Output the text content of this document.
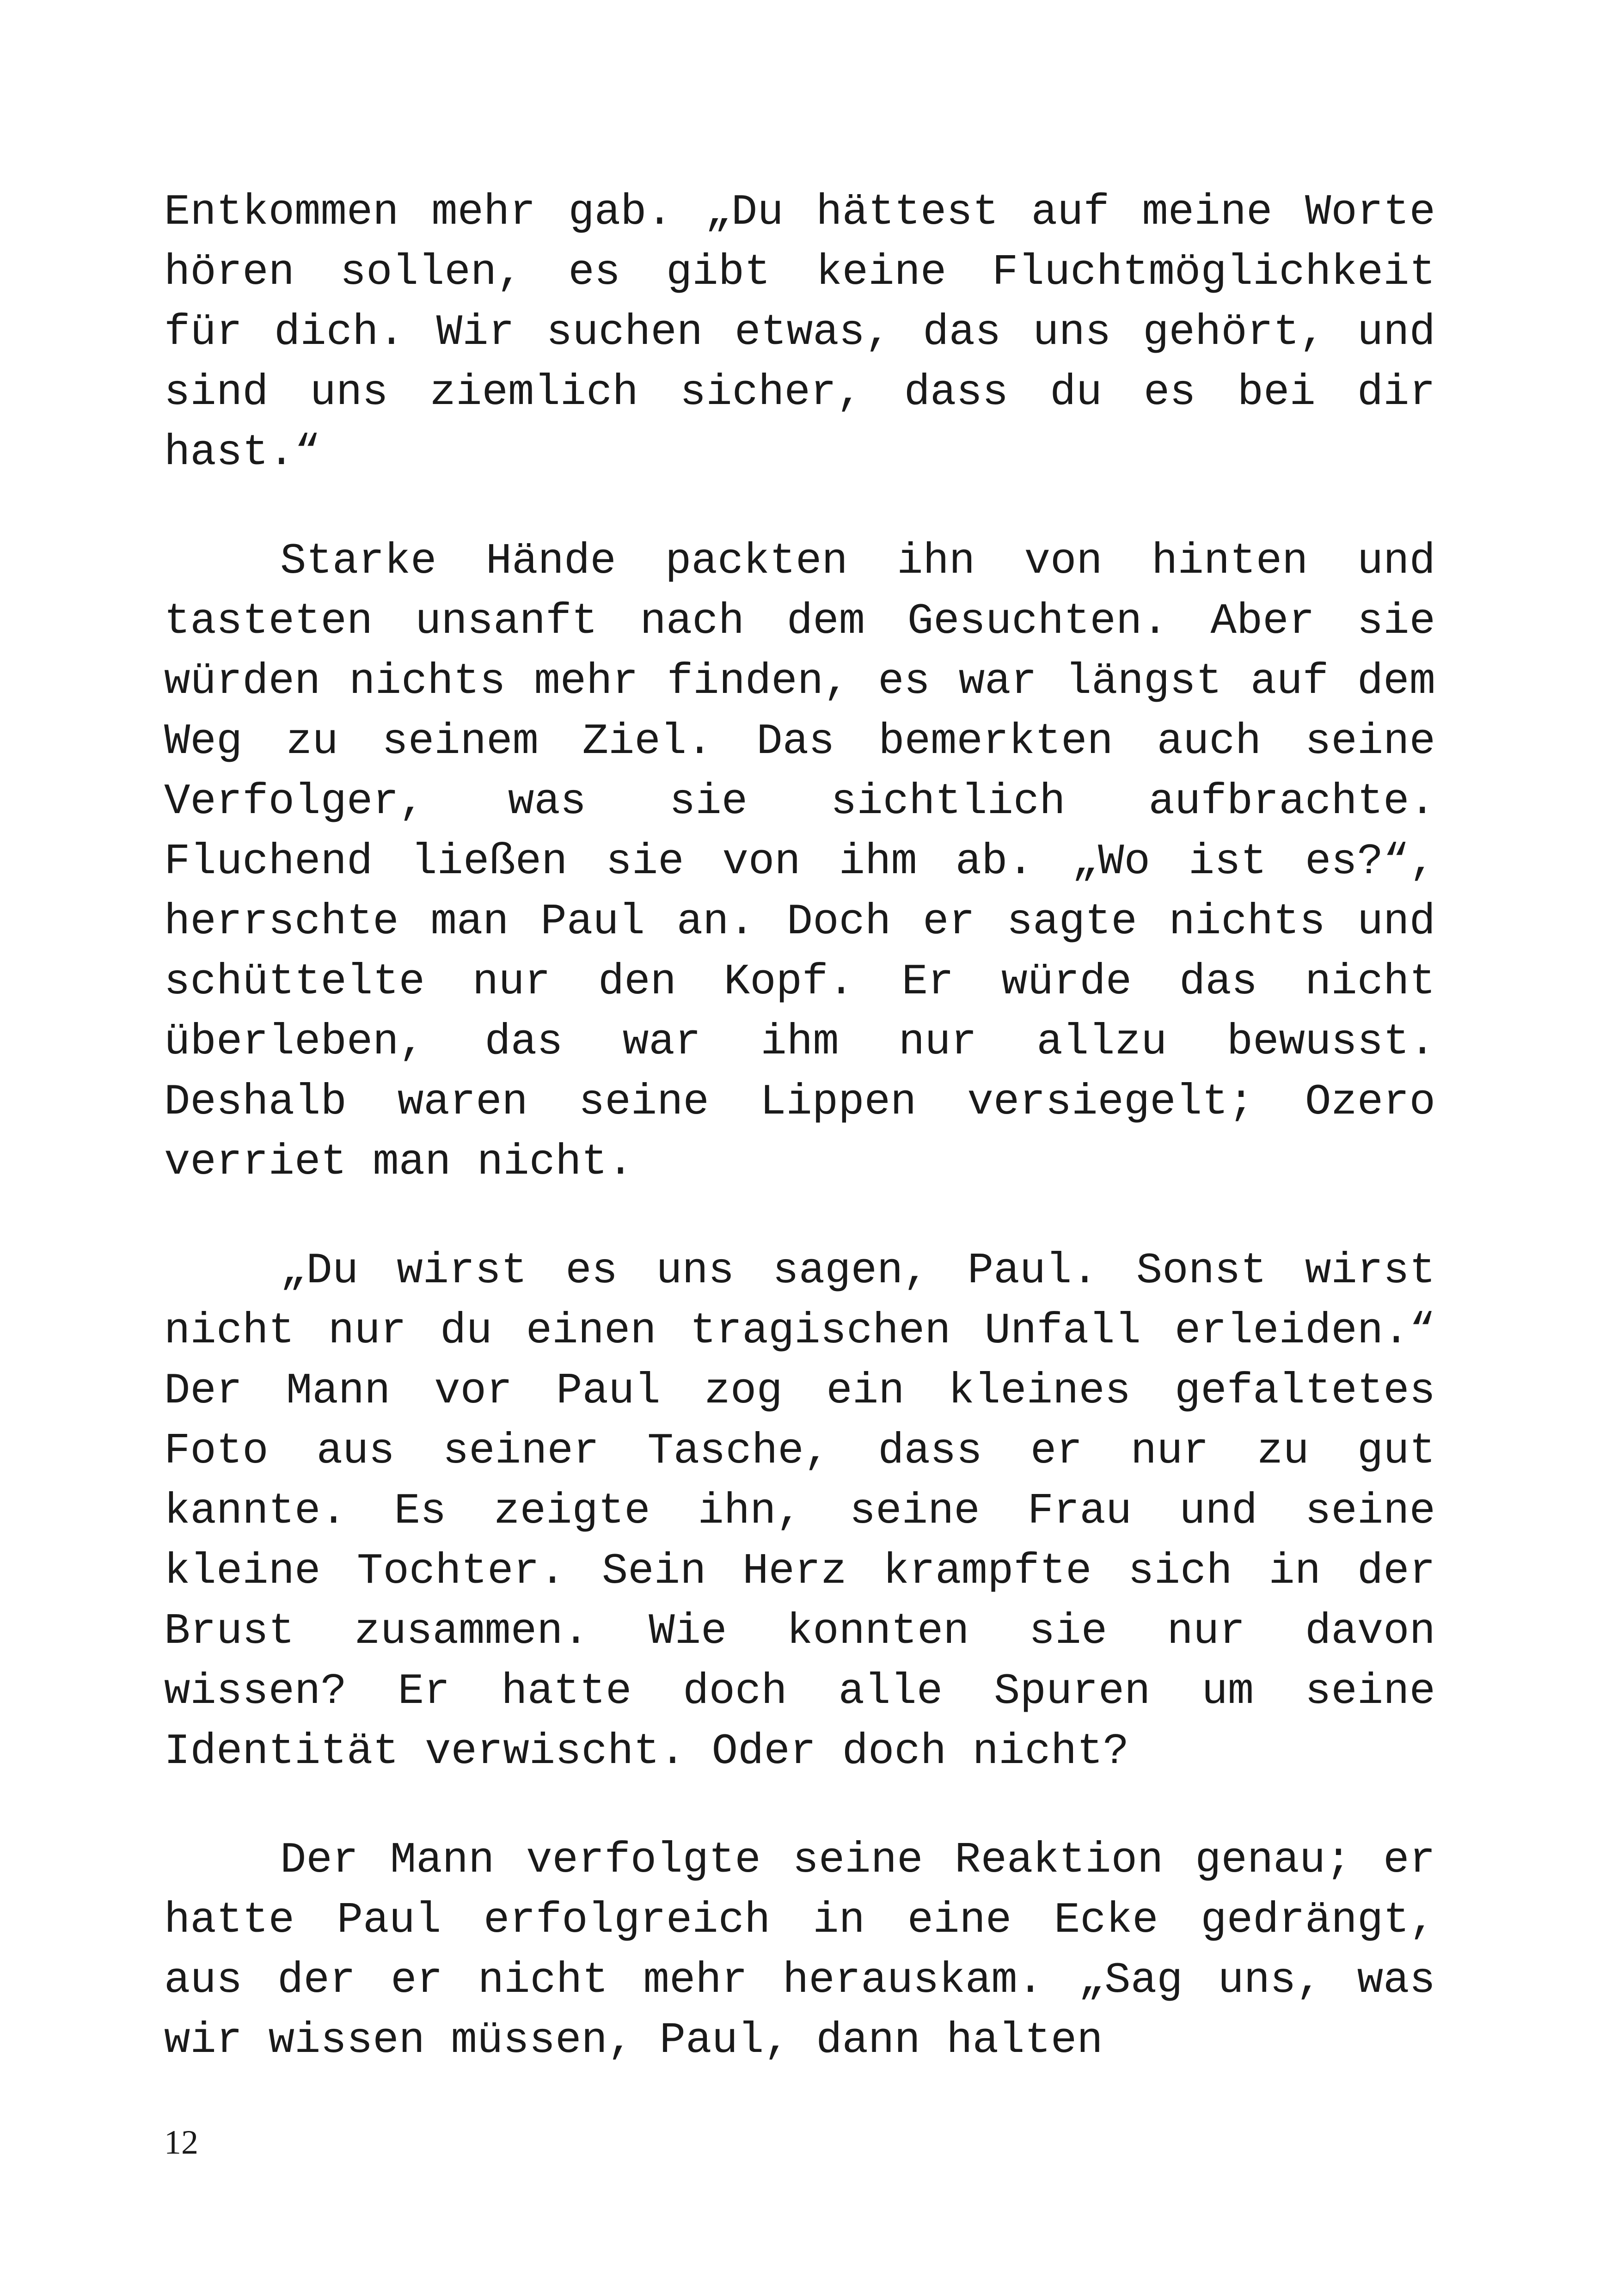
Entkommen mehr gab. „Du hättest auf meine Worte hören sollen, es gibt keine Fluchtmöglichkeit für dich. Wir suchen etwas, das uns gehört, und sind uns ziemlich sicher, dass du es bei dir hast.“

Starke Hände packten ihn von hinten und tasteten unsanft nach dem Gesuchten. Aber sie würden nichts mehr finden, es war längst auf dem Weg zu seinem Ziel. Das bemerkten auch seine Verfolger, was sie sichtlich aufbrachte. Fluchend ließen sie von ihm ab. „Wo ist es?“, herrschte man Paul an. Doch er sagte nichts und schüttelte nur den Kopf. Er würde das nicht überleben, das war ihm nur allzu bewusst. Deshalb waren seine Lippen versiegelt; Ozero verriet man nicht.

„Du wirst es uns sagen, Paul. Sonst wirst nicht nur du einen tragischen Unfall erleiden.“ Der Mann vor Paul zog ein kleines gefaltetes Foto aus seiner Tasche, dass er nur zu gut kannte. Es zeigte ihn, seine Frau und seine kleine Tochter. Sein Herz krampfte sich in der Brust zusammen. Wie konnten sie nur davon wissen? Er hatte doch alle Spuren um seine Identität verwischt. Oder doch nicht?

Der Mann verfolgte seine Reaktion genau; er hatte Paul erfolgreich in eine Ecke gedrängt, aus der er nicht mehr herauskam. „Sag uns, was wir wissen müssen, Paul, dann halten

12
